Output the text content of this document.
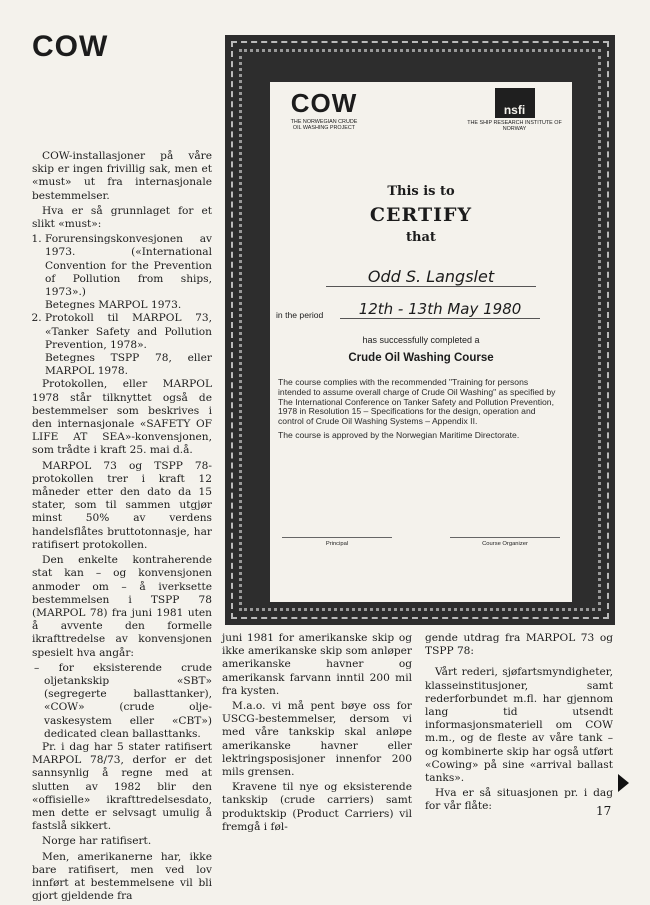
COW

COW-installasjoner på våre skip er ingen frivillig sak, men et «must» ut fra internasjonale bestemmelser.

Hva er så grunnlaget for et slikt «must»:

1. Forurensingskonvesjonen av 1973. («International Convention for the Prevention of Pollution from ships, 1973».)
Betegnes MARPOL 1973.
2. Protokoll til MARPOL 73, «Tanker Safety and Pollution Prevention, 1978».
Betegnes TSPP 78, eller MARPOL 1978.

Protokollen, eller MARPOL 1978 står tilknyttet også de bestemmelser som beskrives i den internasjonale «SAFETY OF LIFE AT SEA»-konvensjonen, som trådte i kraft 25. mai d.å.

MARPOL 73 og TSPP 78-protokollen trer i kraft 12 måneder etter den dato da 15 stater, som til sammen utgjør minst 50% av verdens handelsflåtes bruttotonnasje, har ratifisert protokollen.

Den enkelte kontraherende stat kan – og konvensjonen anmoder om – å iverksette bestemmelsen i TSPP 78 (MARPOL 78) fra juni 1981 uten å avvente den formelle ikrafttredelse av konvensjonen spesielt hva angår:

– for eksisterende crude oljetankskip «SBT» (segregerte ballasttanker), «COW» (crude olje-vaskesystem eller «CBT») dedicated clean ballasttanks.

Pr. i dag har 5 stater ratifisert MARPOL 78/73, derfor er det sannsynlig å regne med at slutten av 1982 blir den «offisielle» ikrafttredelsesdato, men dette er selvsagt umulig å fastslå sikkert.

Norge har ratifisert.

Men, amerikanerne har, ikke bare ratifisert, men ved lov innført at bestemmelsene vil bli gjort gjeldende fra

COW
THE NORWEGIAN CRUDE OIL WASHING PROJECT
nsfi
THE SHIP RESEARCH INSTITUTE OF NORWAY
This is to
CERTIFY
that
Odd S. Langslet
in the period	12th - 13th May 1980
has successfully completed a
Crude Oil Washing Course

The course complies with the recommended "Training for persons intended to assume overall charge of Crude Oil Washing" as specified by The International Conference on Tanker Safety and Pollution Prevention, 1978 in Resolution 15 – Specifications for the design, operation and control of Crude Oil Washing Systems – Appendix II.

The course is approved by the Norwegian Maritime Directorate.

Principal	Course Organizer

juni 1981 for amerikanske skip og ikke amerikanske skip som anløper amerikanske havner og amerikansk farvann inntil 200 mil fra kysten.

M.a.o. vi må pent bøye oss for USCG-bestemmelser, dersom vi med våre tankskip skal anløpe amerikanske havner eller lektringsposisjoner innenfor 200 mils grensen.

Kravene til nye og eksisterende tankskip (crude carriers) samt produktskip (Product Carriers) vil fremgå i føl-

gende utdrag fra MARPOL 73 og TSPP 78:

Vårt rederi, sjøfartsmyndigheter, klasseinstitusjoner, samt rederforbundet m.fl. har gjennom lang tid utsendt informasjonsmateriell om COW m.m., og de fleste av våre tank – og kombinerte skip har også utført «Cowing» på sine «arrival ballast tanks».

Hva er så situasjonen pr. i dag for vår flåte:	17
